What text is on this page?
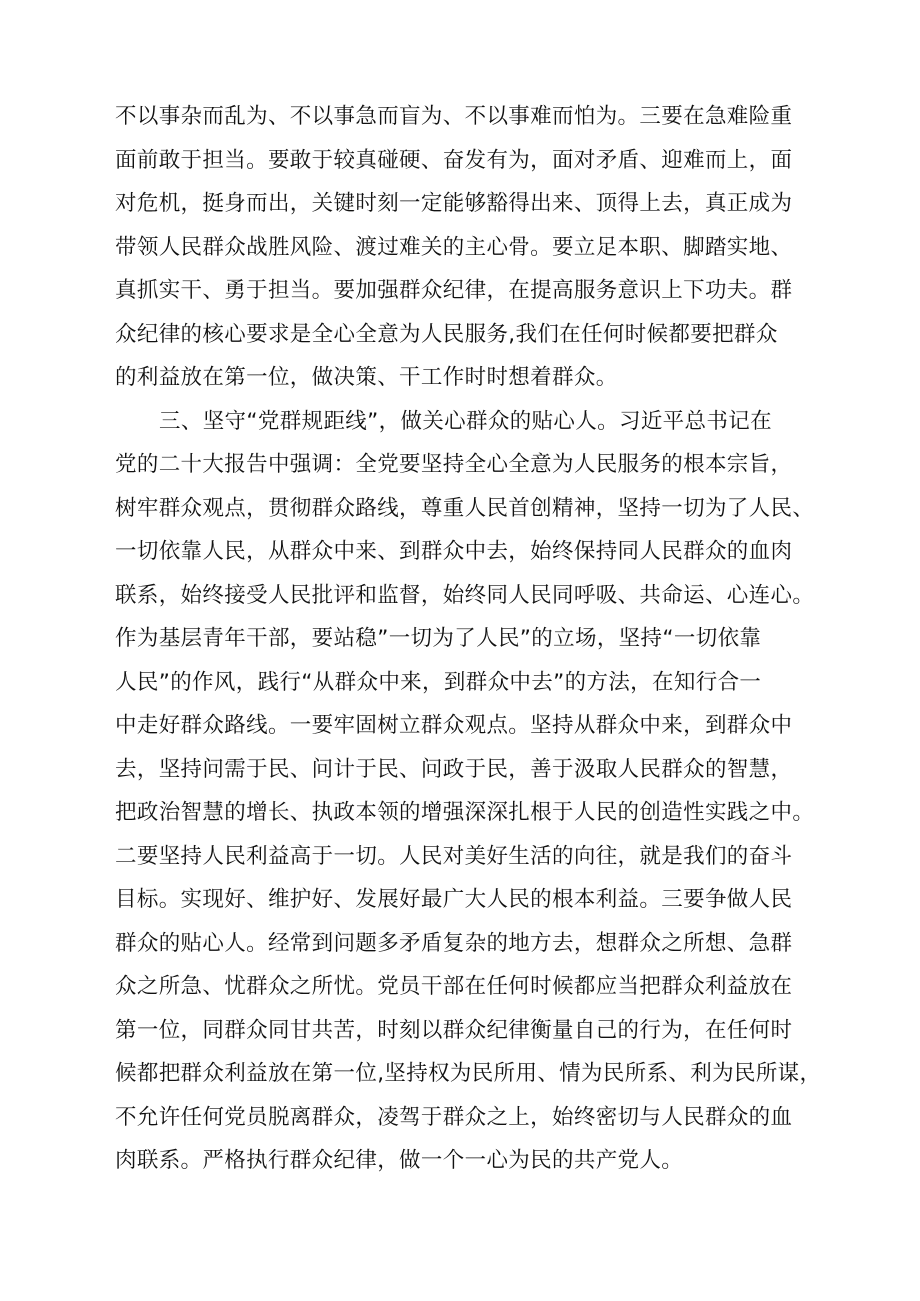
不以事杂而乱为、不以事急而盲为、不以事难而怕为。三要在急难险重
面前敢于担当。要敢于较真碰硬、奋发有为，面对矛盾、迎难而上，面
对危机，挺身而出，关键时刻一定能够豁得出来、顶得上去，真正成为
带领人民群众战胜风险、渡过难关的主心骨。要立足本职、脚踏实地、
真抓实干、勇于担当。要加强群众纪律，在提高服务意识上下功夫。群
众纪律的核心要求是全心全意为人民服务,我们在任何时候都要把群众
的利益放在第一位，做决策、干工作时时想着群众。
三、坚守“党群规距线”，做关心群众的贴心人。习近平总书记在
党的二十大报告中强调：全党要坚持全心全意为人民服务的根本宗旨，
树牢群众观点，贯彻群众路线，尊重人民首创精神，坚持一切为了人民、
一切依靠人民，从群众中来、到群众中去，始终保持同人民群众的血肉
联系，始终接受人民批评和监督，始终同人民同呼吸、共命运、心连心。
作为基层青年干部，要站稳”一切为了人民”的立场，坚持“一切依靠
人民”的作风，践行“从群众中来，到群众中去”的方法，在知行合一
中走好群众路线。一要牢固树立群众观点。坚持从群众中来，到群众中
去，坚持问需于民、问计于民、问政于民，善于汲取人民群众的智慧，
把政治智慧的增长、执政本领的增强深深扎根于人民的创造性实践之中。
二要坚持人民利益高于一切。人民对美好生活的向往，就是我们的奋斗
目标。实现好、维护好、发展好最广大人民的根本利益。三要争做人民
群众的贴心人。经常到问题多矛盾复杂的地方去，想群众之所想、急群
众之所急、忧群众之所忧。党员干部在任何时候都应当把群众利益放在
第一位，同群众同甘共苦，时刻以群众纪律衡量自己的行为，在任何时
候都把群众利益放在第一位,坚持权为民所用、情为民所系、利为民所谋，
不允许任何党员脱离群众，凌驾于群众之上，始终密切与人民群众的血
肉联系。严格执行群众纪律，做一个一心为民的共产党人。
